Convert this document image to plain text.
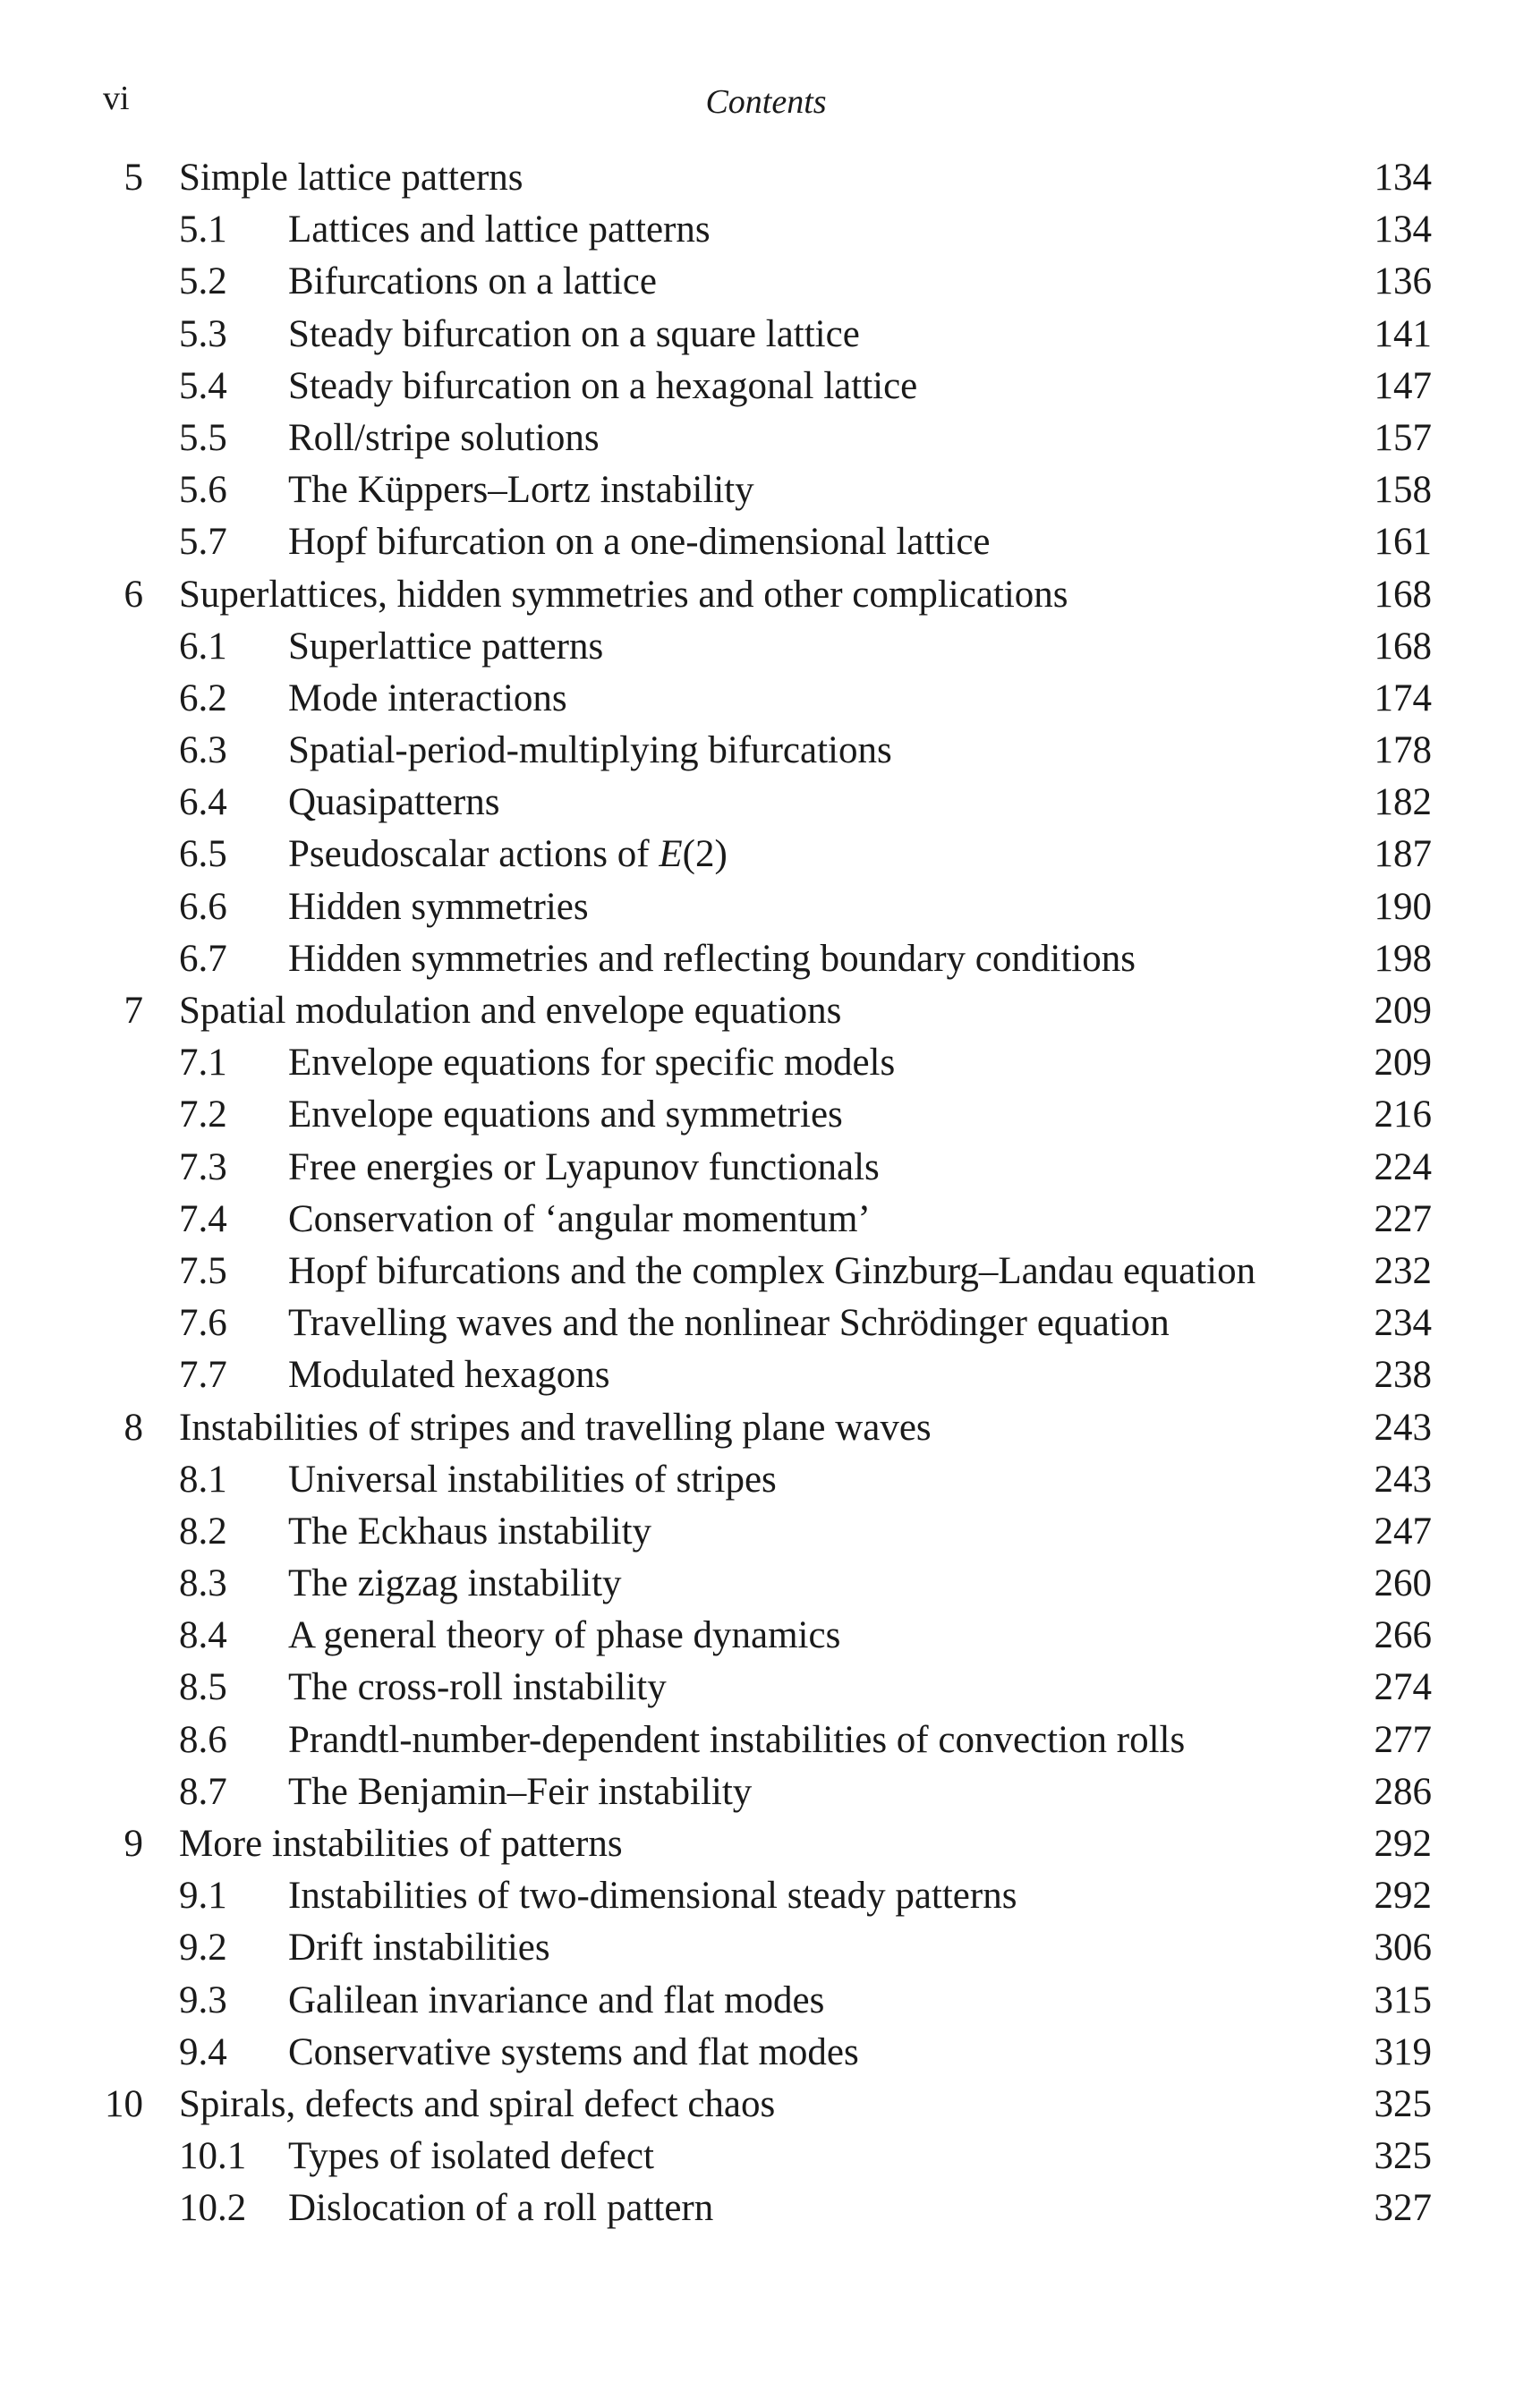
vi	Contents
5 Simple lattice patterns	134
5.1 Lattices and lattice patterns	134
5.2 Bifurcations on a lattice	136
5.3 Steady bifurcation on a square lattice	141
5.4 Steady bifurcation on a hexagonal lattice	147
5.5 Roll/stripe solutions	157
5.6 The Küppers–Lortz instability	158
5.7 Hopf bifurcation on a one-dimensional lattice	161
6 Superlattices, hidden symmetries and other complications	168
6.1 Superlattice patterns	168
6.2 Mode interactions	174
6.3 Spatial-period-multiplying bifurcations	178
6.4 Quasipatterns	182
6.5 Pseudoscalar actions of E(2)	187
6.6 Hidden symmetries	190
6.7 Hidden symmetries and reflecting boundary conditions	198
7 Spatial modulation and envelope equations	209
7.1 Envelope equations for specific models	209
7.2 Envelope equations and symmetries	216
7.3 Free energies or Lyapunov functionals	224
7.4 Conservation of ‘angular momentum’	227
7.5 Hopf bifurcations and the complex Ginzburg–Landau equation	232
7.6 Travelling waves and the nonlinear Schrödinger equation	234
7.7 Modulated hexagons	238
8 Instabilities of stripes and travelling plane waves	243
8.1 Universal instabilities of stripes	243
8.2 The Eckhaus instability	247
8.3 The zigzag instability	260
8.4 A general theory of phase dynamics	266
8.5 The cross-roll instability	274
8.6 Prandtl-number-dependent instabilities of convection rolls	277
8.7 The Benjamin–Feir instability	286
9 More instabilities of patterns	292
9.1 Instabilities of two-dimensional steady patterns	292
9.2 Drift instabilities	306
9.3 Galilean invariance and flat modes	315
9.4 Conservative systems and flat modes	319
10 Spirals, defects and spiral defect chaos	325
10.1 Types of isolated defect	325
10.2 Dislocation of a roll pattern	327
